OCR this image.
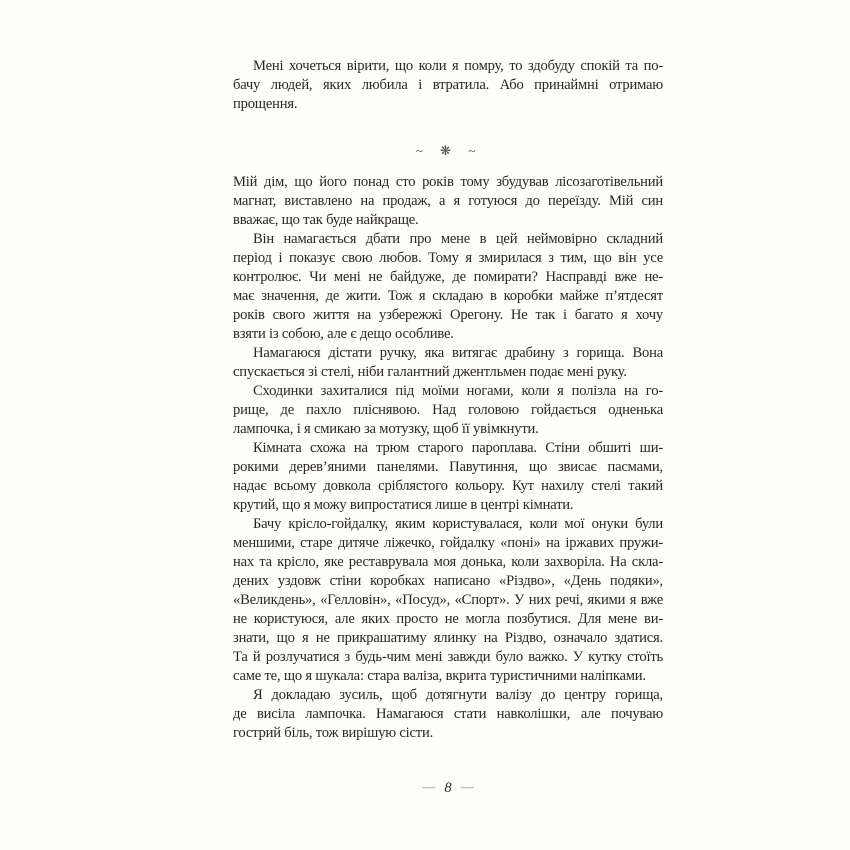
Мені хочеться вірити, що коли я помру, то здобуду спокій та по-
бачу людей, яких любила і втратила. Або принаймні отримаю
прощення.
~ ❋ ~
Мій дім, що його понад сто років тому збудував лісозаготівельний
магнат, виставлено на продаж, а я готуюся до переїзду. Мій син
вважає, що так буде найкраще.
Він намагається дбати про мене в цей неймовірно складний
період і показує свою любов. Тому я змирилася з тим, що він усе
контролює. Чи мені не байдуже, де помирати? Насправді вже не-
має значення, де жити. Тож я складаю в коробки майже п’ятдесят
років свого життя на узбережжі Орегону. Не так і багато я хочу
взяти із собою, але є дещо особливе.
Намагаюся дістати ручку, яка витягає драбину з горища. Вона
спускається зі стелі, ніби галантний джентльмен подає мені руку.
Сходинки захиталися під моїми ногами, коли я полізла на го-
рище, де пахло пліснявою. Над головою гойдається одненька
лампочка, і я смикаю за мотузку, щоб її увімкнути.
Кімната схожа на трюм старого пароплава. Стіни обшиті ши-
рокими дерев’яними панелями. Павутиння, що звисає пасмами,
надає всьому довкола сріблястого кольору. Кут нахилу стелі такий
крутий, що я можу випростатися лише в центрі кімнати.
Бачу крісло-гойдалку, яким користувалася, коли мої онуки були
меншими, старе дитяче ліжечко, гойдалку «поні» на іржавих пружи-
нах та крісло, яке реставрувала моя донька, коли захворіла. На скла-
дених уздовж стіни коробках написано «Різдво», «День подяки»,
«Великдень», «Гелловін», «Посуд», «Спорт». У них речі, якими я вже
не користуюся, але яких просто не могла позбутися. Для мене ви-
знати, що я не прикрашатиму ялинку на Різдво, означало здатися.
Та й розлучатися з будь-чим мені завжди було важко. У кутку стоїть
саме те, що я шукала: стара валіза, вкрита туристичними наліпками.
Я докладаю зусиль, щоб дотягнути валізу до центру горища,
де висіла лампочка. Намагаюся стати навколішки, але почуваю
гострий біль, тож вирішую сісти.
— 8 —
